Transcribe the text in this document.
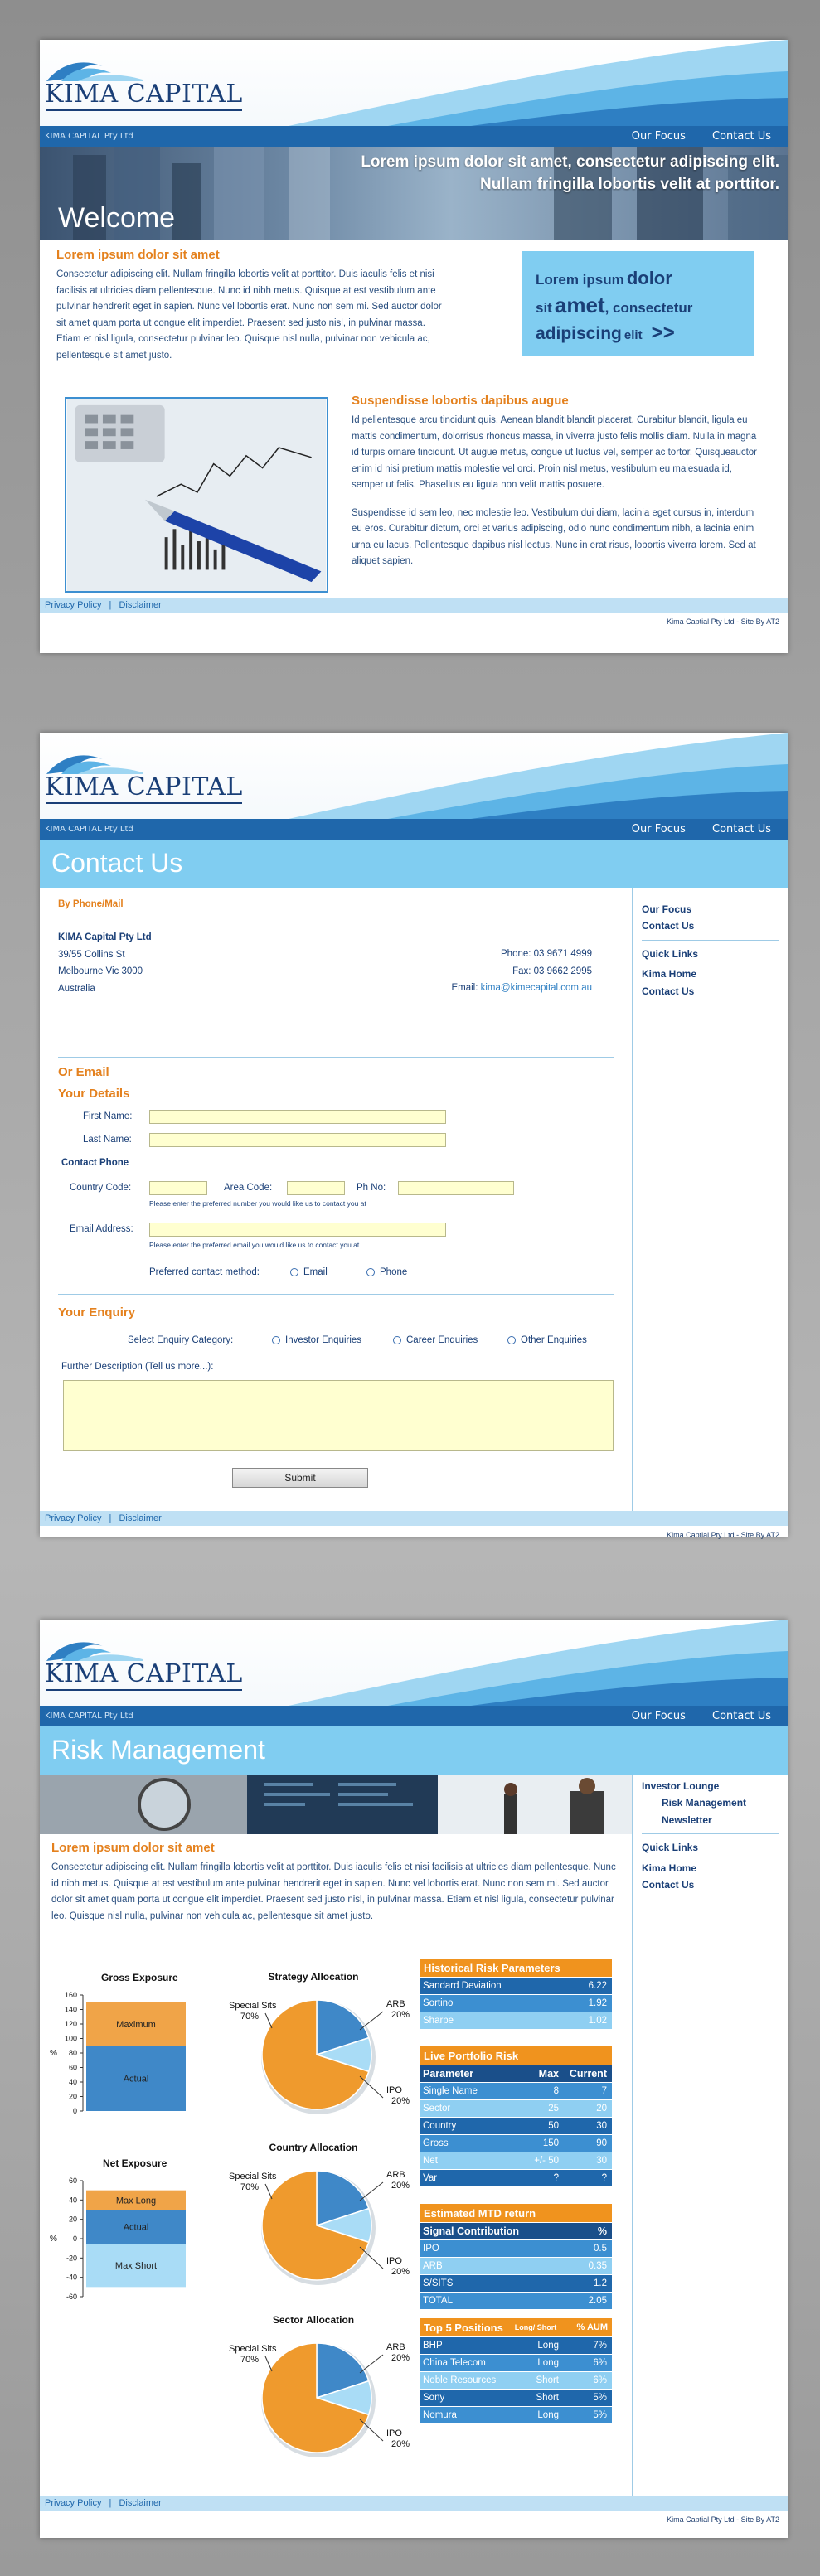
KIMA CAPITAL
KIMA CAPITAL Pty Ltd	Our Focus Contact Us
Lorem ipsum dolor sit amet, consectetur adipiscing elit.
Nullam fringilla lobortis velit at porttitor.
Welcome
Lorem ipsum dolor sit amet

Consectetur adipiscing elit. Nullam fringilla lobortis velit at porttitor. Duis iaculis felis et nisi facilisis at ultricies diam pellentesque. Nunc id nibh metus. Quisque at est vestibulum ante pulvinar hendrerit eget in sapien. Nunc vel lobortis erat. Nunc non sem mi. Sed auctor dolor sit amet quam porta ut congue elit imperdiet. Praesent sed justo nisl, in pulvinar massa. Etiam et nisl ligula, consectetur pulvinar leo. Quisque nisl nulla, pulvinar non vehicula ac, pellentesque sit amet justo.

Lorem ipsum dolor
sit amet, consectetur
adipiscing elit >>
Suspendisse lobortis dapibus augue

Id pellentesque arcu tincidunt quis. Aenean blandit blandit placerat. Curabitur blandit, ligula eu mattis condimentum, dolorrisus rhoncus massa, in viverra justo felis mollis diam. Nulla in magna id turpis ornare tincidunt. Ut augue metus, congue ut luctus vel, semper ac tortor. Quisqueauctor enim id nisi pretium mattis molestie vel orci. Proin nisl metus, vestibulum eu malesuada id, semper ut felis. Phasellus eu ligula non velit mattis posuere.

Suspendisse id sem leo, nec molestie leo. Vestibulum dui diam, lacinia eget cursus in, interdum eu eros. Curabitur dictum, orci et varius adipiscing, odio nunc condimentum nibh, a lacinia enim urna eu lacus. Pellentesque dapibus nisl lectus. Nunc in erat risus, lobortis viverra lorem. Sed at aliquet sapien.

Privacy Policy | Disclaimer
Kima Captial Pty Ltd - Site By AT2
KIMA CAPITAL
KIMA CAPITAL Pty Ltd	Our Focus Contact Us
Contact Us
Our Focus
Contact Us
Quick Links
Kima Home
Contact Us
By Phone/Mail
KIMA Capital Pty Ltd
39/55 Collins St
Melbourne Vic 3000
Australia
Phone: 03 9671 4999
Fax: 03 9662 2995
Email: kima@kimecapital.com.au
Or Email
Your Details
First Name:
Last Name:
Contact Phone
Country Code:	Area Code:	Ph No:
Please enter the preferred number you would like us to contact you at
Email Address:
Please enter the preferred email you would like us to contact you at
Preferred contact method:	Email	Phone
Your Enquiry
Select Enquiry Category:	Investor Enquiries	Career Enquiries	Other Enquiries
Further Description (Tell us more...):
Submit
Privacy Policy | Disclaimer
Kima Captial Pty Ltd - Site By AT2
KIMA CAPITAL
KIMA CAPITAL Pty Ltd	Our Focus Contact Us
Risk Management
Investor Lounge
Risk Management
Newsletter
Quick Links
Kima Home
Contact Us
Lorem ipsum dolor sit amet

Consectetur adipiscing elit. Nullam fringilla lobortis velit at porttitor. Duis iaculis felis et nisi facilisis at ultricies diam pellentesque. Nunc id nibh metus. Quisque at est vestibulum ante pulvinar hendrerit eget in sapien. Nunc vel lobortis erat. Nunc non sem mi. Sed auctor dolor sit amet quam porta ut congue elit imperdiet. Praesent sed justo nisl, in pulvinar massa. Etiam et nisl ligula, consectetur pulvinar leo. Quisque nisl nulla, pulvinar non vehicula ac, pellentesque sit amet justo.

Gross Exposure
160
140
120
100
80
60
40
20
0
%
Maximum
Actual
Net Exposure
60
40
20
0
-20
-40
-60
%
Max Long
Actual
Max Short
Strategy Allocation
Special Sits
70%
ARB
20%
IPO
20%
Country Allocation
Special Sits
70%
ARB
20%
IPO
20%
Sector Allocation
Special Sits
70%
ARB
20%
IPO
20%
Historical Risk Parameters
Sandard Deviation	6.22
Sortino	1.92
Sharpe	1.02
Live Portfolio Risk
Parameter	Max	Current
Single Name	8	7
Sector	25	20
Country	50	30
Gross	150	90
Net	+/- 50	30
Var	?	?
Estimated MTD return
Signal Contribution	%
IPO	0.5
ARB	0.35
S/SITS	1.2
TOTAL	2.05
Top 5 Positions	Long/ Short	% AUM
BHP	Long	7%
China Telecom	Long	6%
Noble Resources	Short	6%
Sony	Short	5%
Nomura	Long	5%
Privacy Policy | Disclaimer
Kima Captial Pty Ltd - Site By AT2
